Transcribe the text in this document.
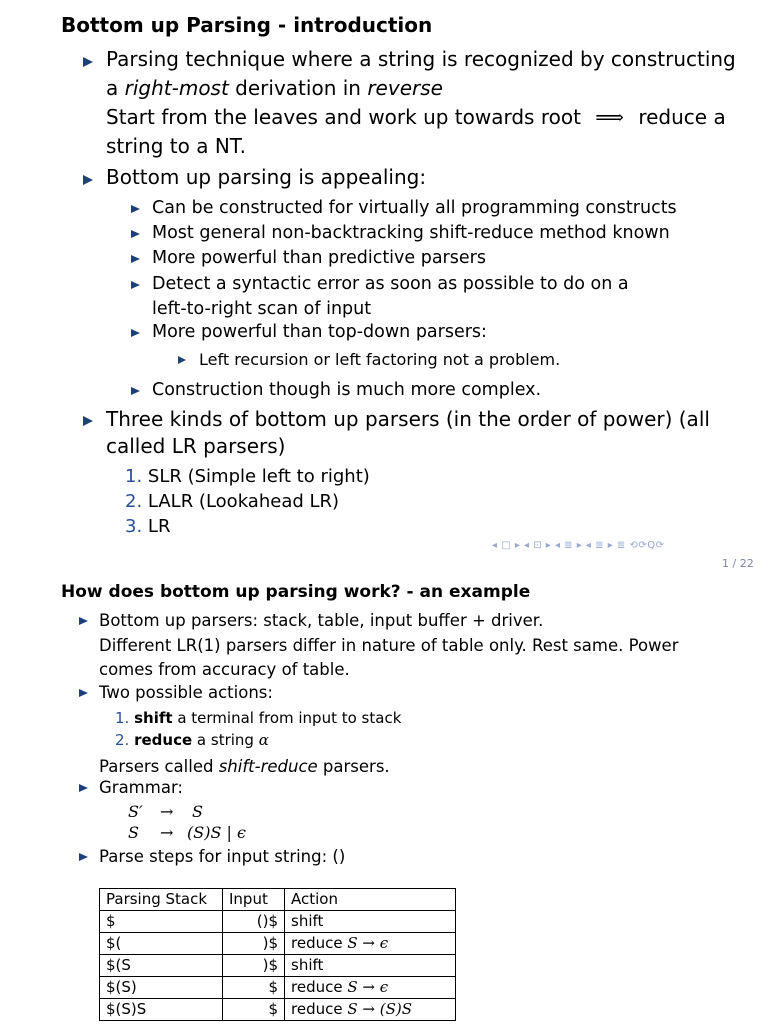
Bottom up Parsing - introduction
Parsing technique where a string is recognized by constructing
a right-most derivation in reverse
Start from the leaves and work up towards root ⟹ reduce a
string to a NT.
Bottom up parsing is appealing:
Can be constructed for virtually all programming constructs
Most general non-backtracking shift-reduce method known
More powerful than predictive parsers
Detect a syntactic error as soon as possible to do on a
left-to-right scan of input
More powerful than top-down parsers:
Left recursion or left factoring not a problem.
Construction though is much more complex.
Three kinds of bottom up parsers (in the order of power) (all
called LR parsers)
1. SLR (Simple left to right)
2. LALR (Lookahead LR)
3. LR
◂ □ ▸ ◂ ⊡ ▸ ◂ ≣ ▸ ◂ ≣ ▸ ≣ ⟲⟳Q⟳
1 / 22
How does bottom up parsing work? - an example
Bottom up parsers: stack, table, input buffer + driver.
Different LR(1) parsers differ in nature of table only. Rest same. Power
comes from accuracy of table.
Two possible actions:
1. shift a terminal from input to stack
2. reduce a string α
Parsers called shift-reduce parsers.
Grammar:
S′ → S
S → (S)S | ϵ
Parse steps for input string: ()
Parsing Stack	Input	Action
$	()$	shift
$(	)$	reduce S → ϵ
$(S	)$	shift
$(S)	$	reduce S → ϵ
$(S)S	$	reduce S → (S)S
